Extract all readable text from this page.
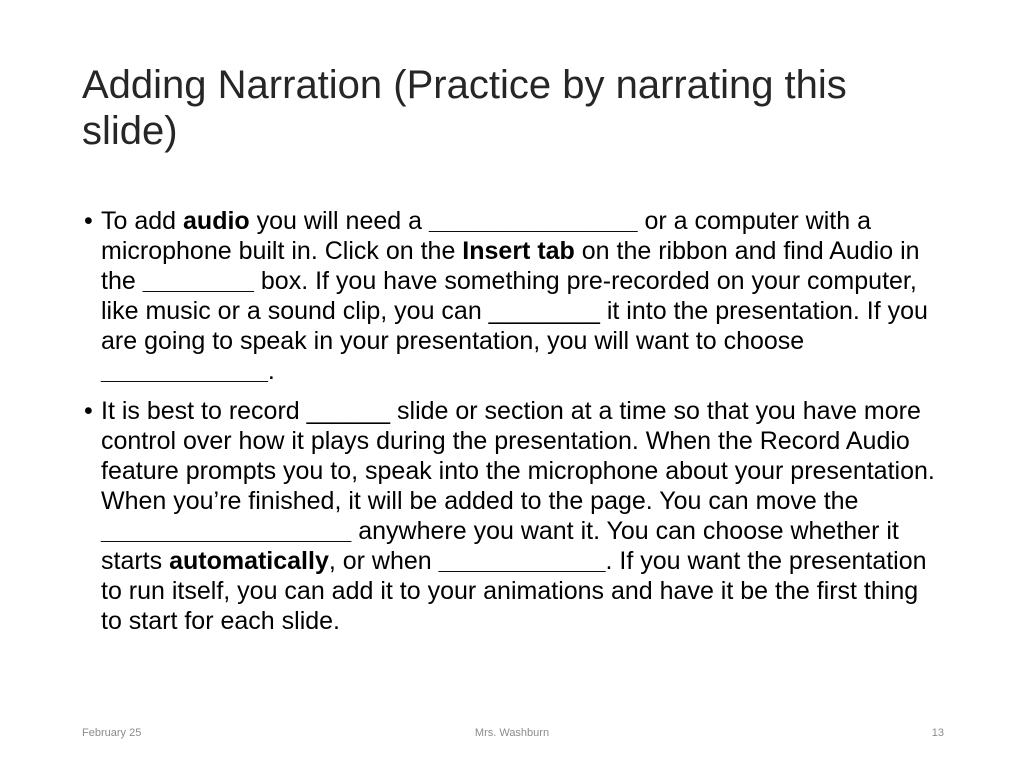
Adding Narration (Practice by narrating this slide)
• To add audio you will need a _______________ or a computer with a microphone built in. Click on the Insert tab on the ribbon and find Audio in the ________ box. If you have something pre-recorded on your computer, like music or a sound clip, you can ________ it into the presentation. If you are going to speak in your presentation, you will want to choose ____________.
• It is best to record ______ slide or section at a time so that you have more control over how it plays during the presentation. When the Record Audio feature prompts you to, speak into the microphone about your presentation. When you’re finished, it will be added to the page. You can move the __________________ anywhere you want it. You can choose whether it starts automatically, or when ____________. If you want the presentation to run itself, you can add it to your animations and have it be the first thing to start for each slide.
February 25	Mrs. Washburn	13
